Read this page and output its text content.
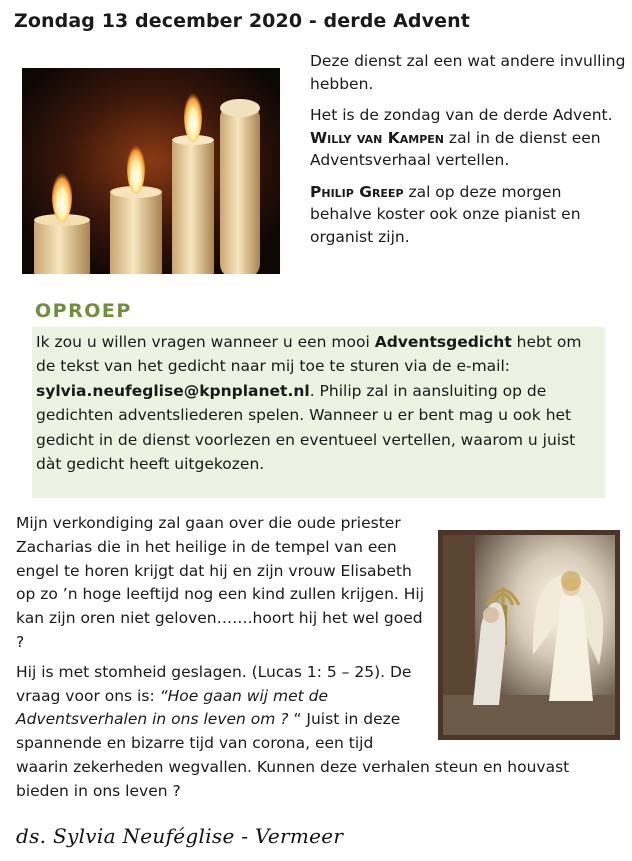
Zondag 13 december 2020 - derde Advent

Deze dienst zal een wat andere invulling hebben.

Het is de zondag van de derde Advent. Willy van Kampen zal in de dienst een Adventsverhaal vertellen.

Philip Greep zal op deze morgen behalve koster ook onze pianist en organist zijn.

OPROEP
Ik zou u willen vragen wanneer u een mooi Adventsgedicht hebt om de tekst van het gedicht naar mij toe te sturen via de e-mail: sylvia.neufeglise@kpnplanet.nl. Philip zal in aansluiting op de gedichten adventsliederen spelen. Wanneer u er bent mag u ook het gedicht in de dienst voorlezen en eventueel vertellen, waarom u juist dàt gedicht heeft uitgekozen.

Mijn verkondiging zal gaan over die oude priester Zacharias die in het heilige in de tempel van een engel te horen krijgt dat hij en zijn vrouw Elisabeth op zo ’n hoge leeftijd nog een kind zullen krijgen. Hij kan zijn oren niet geloven…….hoort hij het wel goed ?

Hij is met stomheid geslagen. (Lucas 1: 5 – 25). De vraag voor ons is: “Hoe gaan wij met de Adventsverhalen in ons leven om ? “ Juist in deze spannende en bizarre tijd van corona, een tijd waarin zekerheden wegvallen. Kunnen deze verhalen steun en houvast bieden in ons leven ?

ds. Sylvia Neuféglise - Vermeer
